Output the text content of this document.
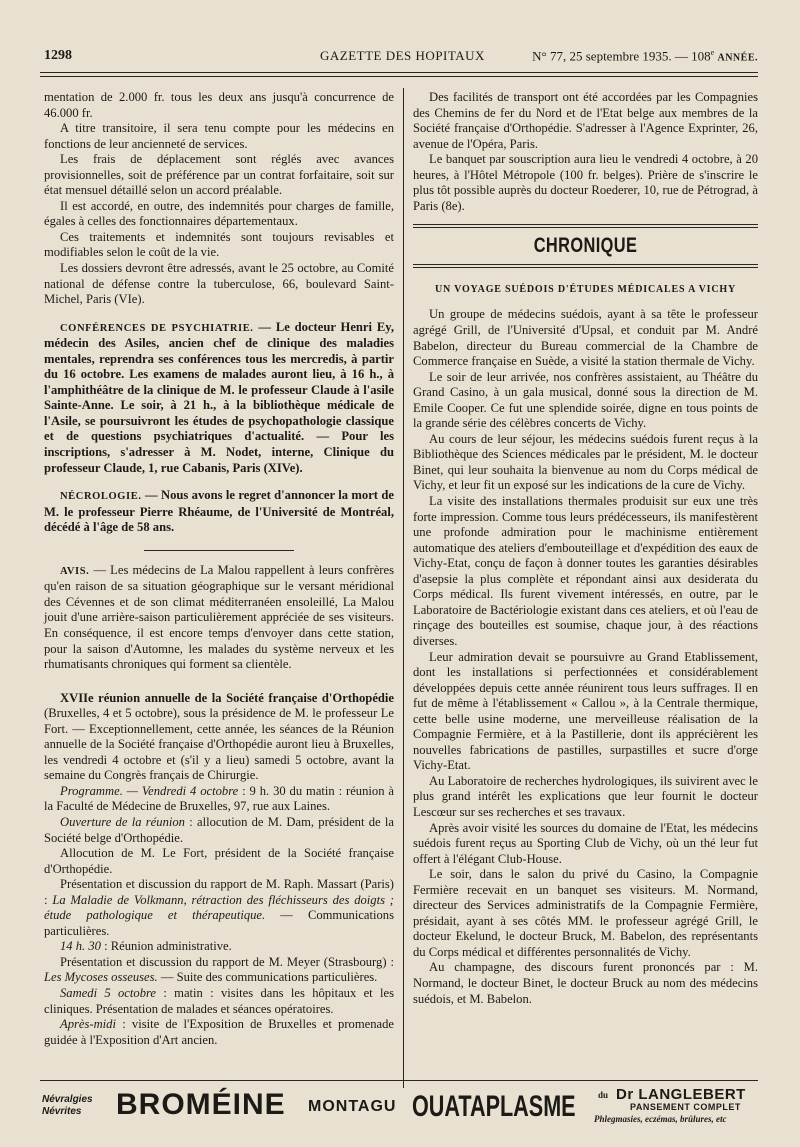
1298	GAZETTE DES HOPITAUX	N° 77, 25 septembre 1935. — 108e ANNÉE.

mentation de 2.000 fr. tous les deux ans jusqu'à concurrence de 46.000 fr.

A titre transitoire, il sera tenu compte pour les médecins en fonctions de leur ancienneté de services.

Les frais de déplacement sont réglés avec avances provisionnelles, soit de préférence par un contrat forfaitaire, soit sur état mensuel détaillé selon un accord préalable.

Il est accordé, en outre, des indemnités pour charges de famille, égales à celles des fonctionnaires départementaux.

Ces traitements et indemnités sont toujours revisables et modifiables selon le coût de la vie.

Les dossiers devront être adressés, avant le 25 octobre, au Comité national de défense contre la tuberculose, 66, boulevard Saint-Michel, Paris (VIe).

CONFÉRENCES DE PSYCHIATRIE. — Le docteur Henri Ey, médecin des Asiles, ancien chef de clinique des maladies mentales, reprendra ses conférences tous les mercredis, à partir du 16 octobre. Les examens de malades auront lieu, à 16 h., à l'amphithéâtre de la clinique de M. le professeur Claude à l'asile Sainte-Anne. Le soir, à 21 h., à la bibliothèque médicale de l'Asile, se poursuivront les études de psychopathologie classique et de questions psychiatriques d'actualité. — Pour les inscriptions, s'adresser à M. Nodet, interne, Clinique du professeur Claude, 1, rue Cabanis, Paris (XIVe).

NÉCROLOGIE. — Nous avons le regret d'annoncer la mort de M. le professeur Pierre Rhéaume, de l'Université de Montréal, décédé à l'âge de 58 ans.

AVIS. — Les médecins de La Malou rappellent à leurs confrères qu'en raison de sa situation géographique sur le versant méridional des Cévennes et de son climat méditerranéen ensoleillé, La Malou jouit d'une arrière-saison particulièrement appréciée de ses visiteurs. En conséquence, il est encore temps d'envoyer dans cette station, pour la saison d'Automne, les malades du système nerveux et les rhumatisants chroniques qui forment sa clientèle.

XVIIe réunion annuelle de la Société française d'Orthopédie (Bruxelles, 4 et 5 octobre), sous la présidence de M. le professeur Le Fort. — Exceptionnellement, cette année, les séances de la Réunion annuelle de la Société française d'Orthopédie auront lieu à Bruxelles, les vendredi 4 octobre et (s'il y a lieu) samedi 5 octobre, avant la semaine du Congrès français de Chirurgie.

Programme. — Vendredi 4 octobre : 9 h. 30 du matin : réunion à la Faculté de Médecine de Bruxelles, 97, rue aux Laines.

Ouverture de la réunion : allocution de M. Dam, président de la Société belge d'Orthopédie.

Allocution de M. Le Fort, président de la Société française d'Orthopédie.

Présentation et discussion du rapport de M. Raph. Massart (Paris) : La Maladie de Volkmann, rétraction des fléchisseurs des doigts ; étude pathologique et thérapeutique. — Communications particulières.

14 h. 30 : Réunion administrative.

Présentation et discussion du rapport de M. Meyer (Strasbourg) : Les Mycoses osseuses. — Suite des communications particulières.

Samedi 5 octobre : matin : visites dans les hôpitaux et les cliniques. Présentation de malades et séances opératoires.

Après-midi : visite de l'Exposition de Bruxelles et promenade guidée à l'Exposition d'Art ancien.

Des facilités de transport ont été accordées par les Compagnies des Chemins de fer du Nord et de l'Etat belge aux membres de la Société française d'Orthopédie. S'adresser à l'Agence Exprinter, 26, avenue de l'Opéra, Paris.

Le banquet par souscription aura lieu le vendredi 4 octobre, à 20 heures, à l'Hôtel Métropole (100 fr. belges). Prière de s'inscrire le plus tôt possible auprès du docteur Roederer, 10, rue de Pétrograd, à Paris (8e).

CHRONIQUE
UN VOYAGE SUÉDOIS D'ÉTUDES MÉDICALES A VICHY

Un groupe de médecins suédois, ayant à sa tête le professeur agrégé Grill, de l'Université d'Upsal, et conduit par M. André Babelon, directeur du Bureau commercial de la Chambre de Commerce française en Suède, a visité la station thermale de Vichy.

Le soir de leur arrivée, nos confrères assistaient, au Théâtre du Grand Casino, à un gala musical, donné sous la direction de M. Emile Cooper. Ce fut une splendide soirée, digne en tous points de la grande série des célèbres concerts de Vichy.

Au cours de leur séjour, les médecins suédois furent reçus à la Bibliothèque des Sciences médicales par le président, M. le docteur Binet, qui leur souhaita la bienvenue au nom du Corps médical de Vichy, et leur fit un exposé sur les indications de la cure de Vichy.

La visite des installations thermales produisit sur eux une très forte impression. Comme tous leurs prédécesseurs, ils manifestèrent une profonde admiration pour le machinisme entièrement automatique des ateliers d'embouteillage et d'expédition des eaux de Vichy-Etat, conçu de façon à donner toutes les garanties désirables d'asepsie la plus complète et répondant ainsi aux desiderata du Corps médical. Ils furent vivement intéressés, en outre, par le Laboratoire de Bactériologie existant dans ces ateliers, et où l'eau de rinçage des bouteilles est soumise, chaque jour, à des réactions diverses.

Leur admiration devait se poursuivre au Grand Etablissement, dont les installations si perfectionnées et considérablement développées depuis cette année réunirent tous leurs suffrages. Il en fut de même à l'établissement « Callou », à la Centrale thermique, cette belle usine moderne, une merveilleuse réalisation de la Compagnie Fermière, et à la Pastillerie, dont ils apprécièrent les nouvelles fabrications de pastilles, surpastilles et sucre d'orge Vichy-Etat.

Au Laboratoire de recherches hydrologiques, ils suivirent avec le plus grand intérêt les explications que leur fournit le docteur Lescœur sur ses recherches et ses travaux.

Après avoir visité les sources du domaine de l'Etat, les médecins suédois furent reçus au Sporting Club de Vichy, où un thé leur fut offert à l'élégant Club-House.

Le soir, dans le salon du privé du Casino, la Compagnie Fermière recevait en un banquet ses visiteurs. M. Normand, directeur des Services administratifs de la Compagnie Fermière, présidait, ayant à ses côtés MM. le professeur agrégé Grill, le docteur Ekelund, le docteur Bruck, M. Babelon, des représentants du Corps médical et différentes personnalités de Vichy.

Au champagne, des discours furent prononcés par : M. Normand, le docteur Binet, le docteur Bruck au nom des médecins suédois, et M. Babelon.

Névralgies
Névrites	BROMÉINE MONTAGU OUATAPLASME du Dr LANGLEBERT
PANSEMENT COMPLET
Phlegmasies, eczémas, brûlures, etc
